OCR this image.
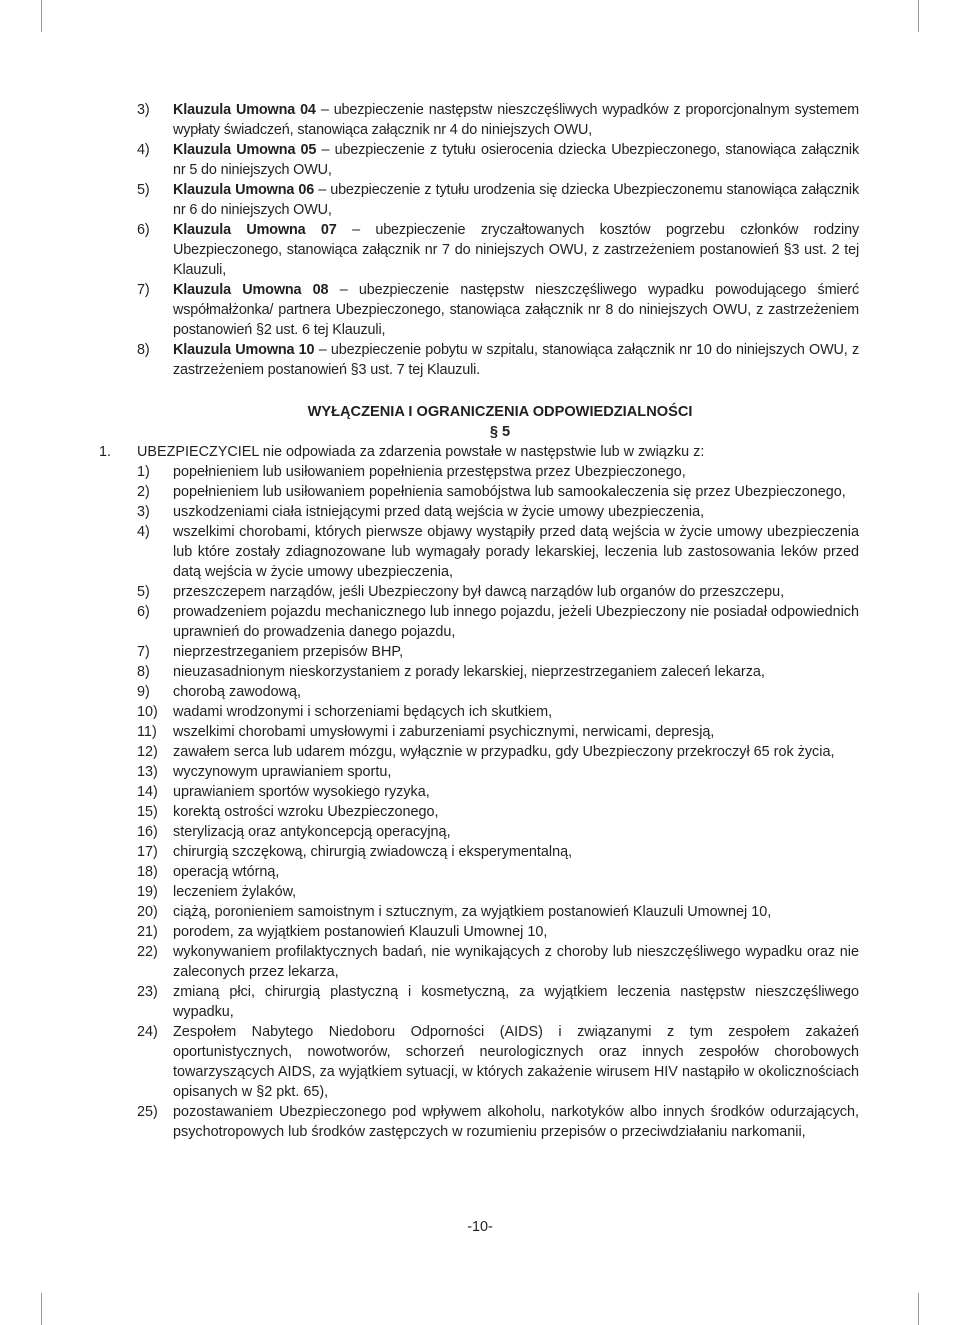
3) Klauzula Umowna 04 – ubezpieczenie następstw nieszczęśliwych wypadków z proporcjonalnym systemem wypłaty świadczeń, stanowiąca załącznik nr 4 do niniejszych OWU,
4) Klauzula Umowna 05 – ubezpieczenie z tytułu osierocenia dziecka Ubezpieczonego, stanowiąca załącznik nr 5 do niniejszych OWU,
5) Klauzula Umowna 06 – ubezpieczenie z tytułu urodzenia się dziecka Ubezpieczonemu stanowiąca załącznik nr 6 do niniejszych OWU,
6) Klauzula Umowna 07 – ubezpieczenie zryczałtowanych kosztów pogrzebu członków rodziny Ubezpieczonego, stanowiąca załącznik nr 7 do niniejszych OWU, z zastrzeżeniem postanowień §3 ust. 2 tej Klauzuli,
7) Klauzula Umowna 08 – ubezpieczenie następstw nieszczęśliwego wypadku powodującego śmierć współmałżonka/ partnera Ubezpieczonego, stanowiąca załącznik nr 8 do niniejszych OWU, z zastrzeżeniem postanowień §2 ust. 6 tej Klauzuli,
8) Klauzula Umowna 10 – ubezpieczenie pobytu w szpitalu, stanowiąca załącznik nr 10 do niniejszych OWU, z zastrzeżeniem postanowień §3 ust. 7 tej Klauzuli.
WYŁĄCZENIA I OGRANICZENIA ODPOWIEDZIALNOŚCI
§ 5
1. UBEZPIECZYCIEL nie odpowiada za zdarzenia powstałe w następstwie lub w związku z:
1) popełnieniem lub usiłowaniem popełnienia przestępstwa przez Ubezpieczonego,
2) popełnieniem lub usiłowaniem popełnienia samobójstwa lub samookaleczenia się przez Ubezpieczonego,
3) uszkodzeniami ciała istniejącymi przed datą wejścia w życie umowy ubezpieczenia,
4) wszelkimi chorobami, których pierwsze objawy wystąpiły przed datą wejścia w życie umowy ubezpieczenia lub które zostały zdiagnozowane lub wymagały porady lekarskiej, leczenia lub zastosowania leków przed datą wejścia w życie umowy ubezpieczenia,
5) przeszczepem narządów, jeśli Ubezpieczony był dawcą narządów lub organów do przeszczepu,
6) prowadzeniem pojazdu mechanicznego lub innego pojazdu, jeżeli Ubezpieczony nie posiadał odpowiednich uprawnień do prowadzenia danego pojazdu,
7) nieprzestrzeganiem przepisów BHP,
8) nieuzasadnionym nieskorzystaniem z porady lekarskiej, nieprzestrzeganiem zaleceń lekarza,
9) chorobą zawodową,
10) wadami wrodzonymi i schorzeniami będących ich skutkiem,
11) wszelkimi chorobami umysłowymi i zaburzeniami psychicznymi, nerwicami, depresją,
12) zawałem serca lub udarem mózgu, wyłącznie w przypadku, gdy Ubezpieczony przekroczył 65 rok życia,
13) wyczynowym uprawianiem sportu,
14) uprawianiem sportów wysokiego ryzyka,
15) korektą ostrości wzroku Ubezpieczonego,
16) sterylizacją oraz antykoncepcją operacyjną,
17) chirurgią szczękową, chirurgią zwiadowczą i eksperymentalną,
18) operacją wtórną,
19) leczeniem żylaków,
20) ciążą, poronieniem samoistnym i sztucznym, za wyjątkiem postanowień Klauzuli Umownej 10,
21) porodem, za wyjątkiem postanowień Klauzuli Umownej 10,
22) wykonywaniem profilaktycznych badań, nie wynikających z choroby lub nieszczęśliwego wypadku oraz nie zaleconych przez lekarza,
23) zmianą płci, chirurgią plastyczną i kosmetyczną, za wyjątkiem leczenia następstw nieszczęśliwego wypadku,
24) Zespołem Nabytego Niedoboru Odporności (AIDS) i związanymi z tym zespołem zakażeń oportunistycznych, nowotworów, schorzeń neurologicznych oraz innych zespołów chorobowych towarzyszących AIDS, za wyjątkiem sytuacji, w których zakażenie wirusem HIV nastąpiło w okolicznościach opisanych w §2 pkt. 65),
25) pozostawaniem Ubezpieczonego pod wpływem alkoholu, narkotyków albo innych środków odurzających, psychotropowych lub środków zastępczych w rozumieniu przepisów o przeciwdziałaniu narkomanii,
-10-
